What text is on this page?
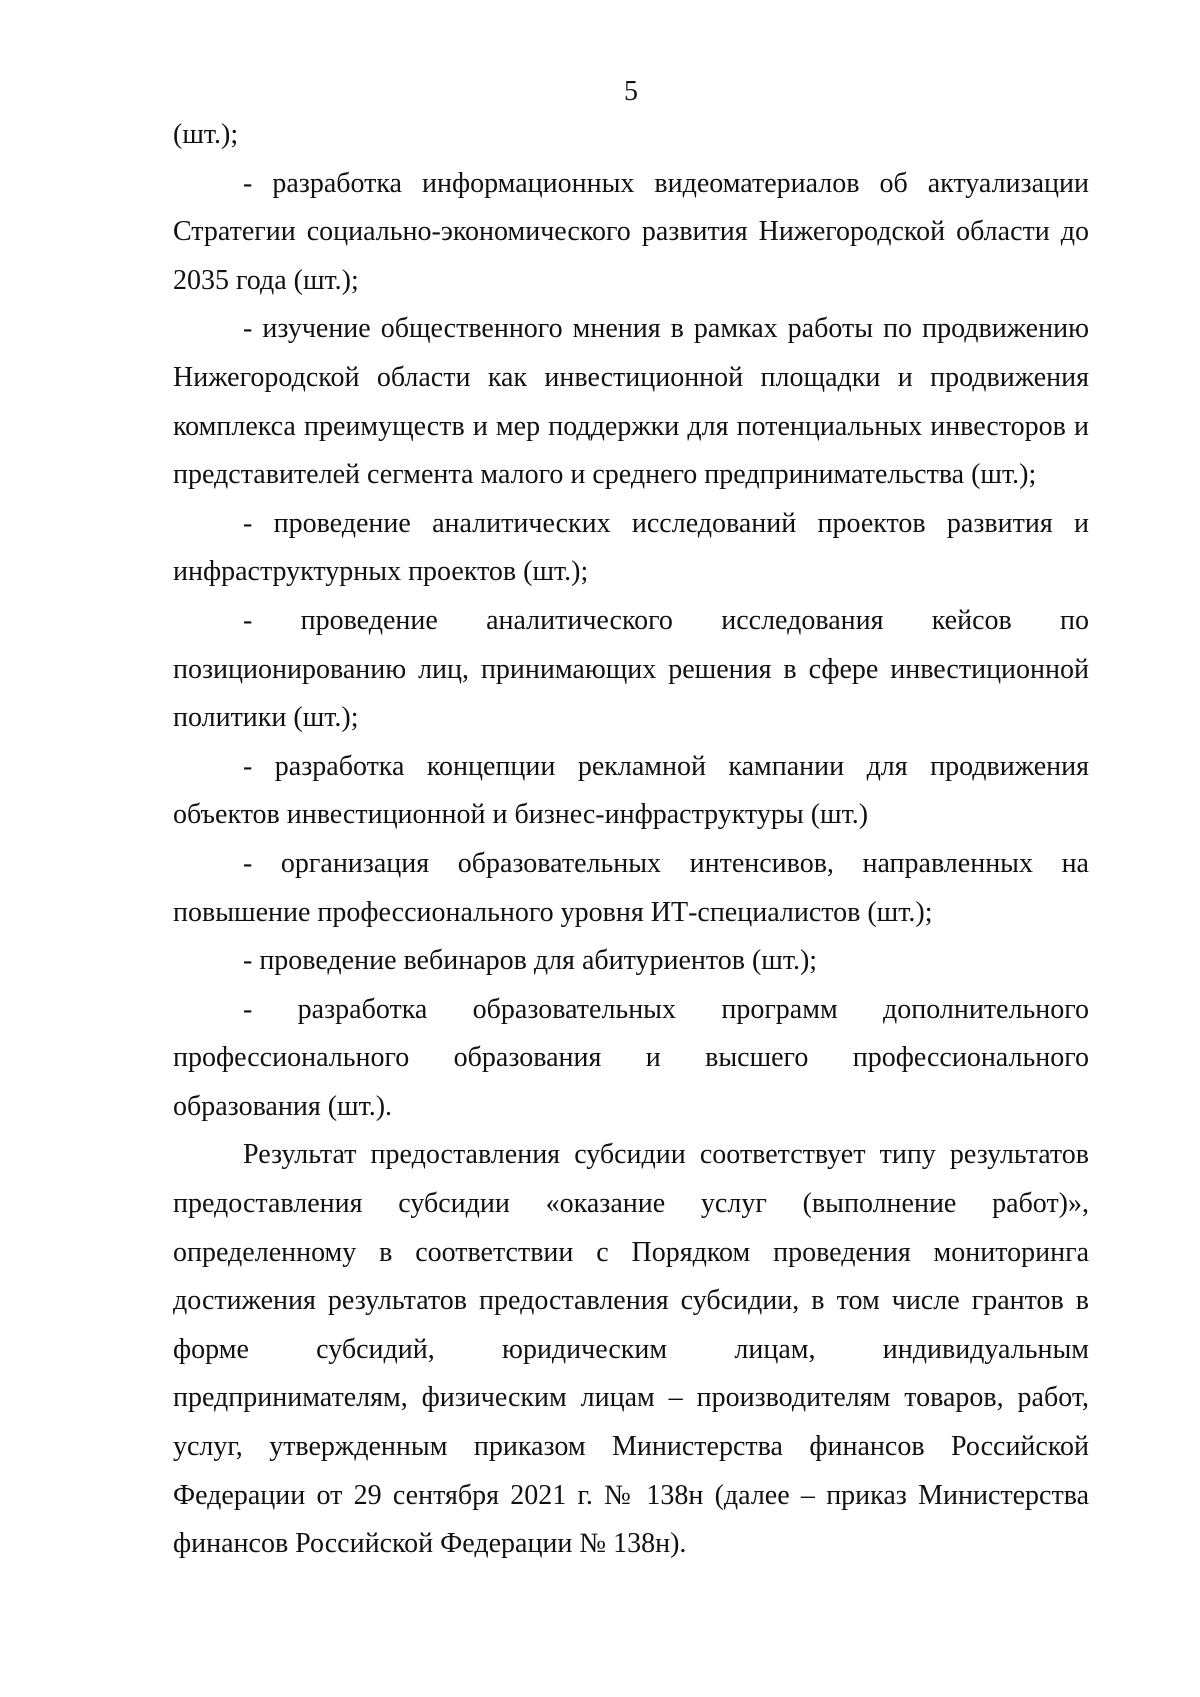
5

(шт.);

- разработка информационных видеоматериалов об актуализации Стратегии социально-экономического развития Нижегородской области до 2035 года (шт.);

- изучение общественного мнения в рамках работы по продвижению Нижегородской области как инвестиционной площадки и продвижения комплекса преимуществ и мер поддержки для потенциальных инвесторов и представителей сегмента малого и среднего предпринимательства (шт.);

- проведение аналитических исследований проектов развития и инфраструктурных проектов (шт.);

- проведение аналитического исследования кейсов по позиционированию лиц, принимающих решения в сфере инвестиционной политики (шт.);

- разработка концепции рекламной кампании для продвижения объектов инвестиционной и бизнес-инфраструктуры (шт.)

- организация образовательных интенсивов, направленных на повышение профессионального уровня ИТ-специалистов (шт.);

- проведение вебинаров для абитуриентов (шт.);

- разработка образовательных программ дополнительного профессионального образования и высшего профессионального образования (шт.).

Результат предоставления субсидии соответствует типу результатов предоставления субсидии «оказание услуг (выполнение работ)», определенному в соответствии с Порядком проведения мониторинга достижения результатов предоставления субсидии, в том числе грантов в форме субсидий, юридическим лицам, индивидуальным предпринимателям, физическим лицам – производителям товаров, работ, услуг, утвержденным приказом Министерства финансов Российской Федерации от 29 сентября 2021 г. № 138н (далее – приказ Министерства финансов Российской Федерации № 138н).
